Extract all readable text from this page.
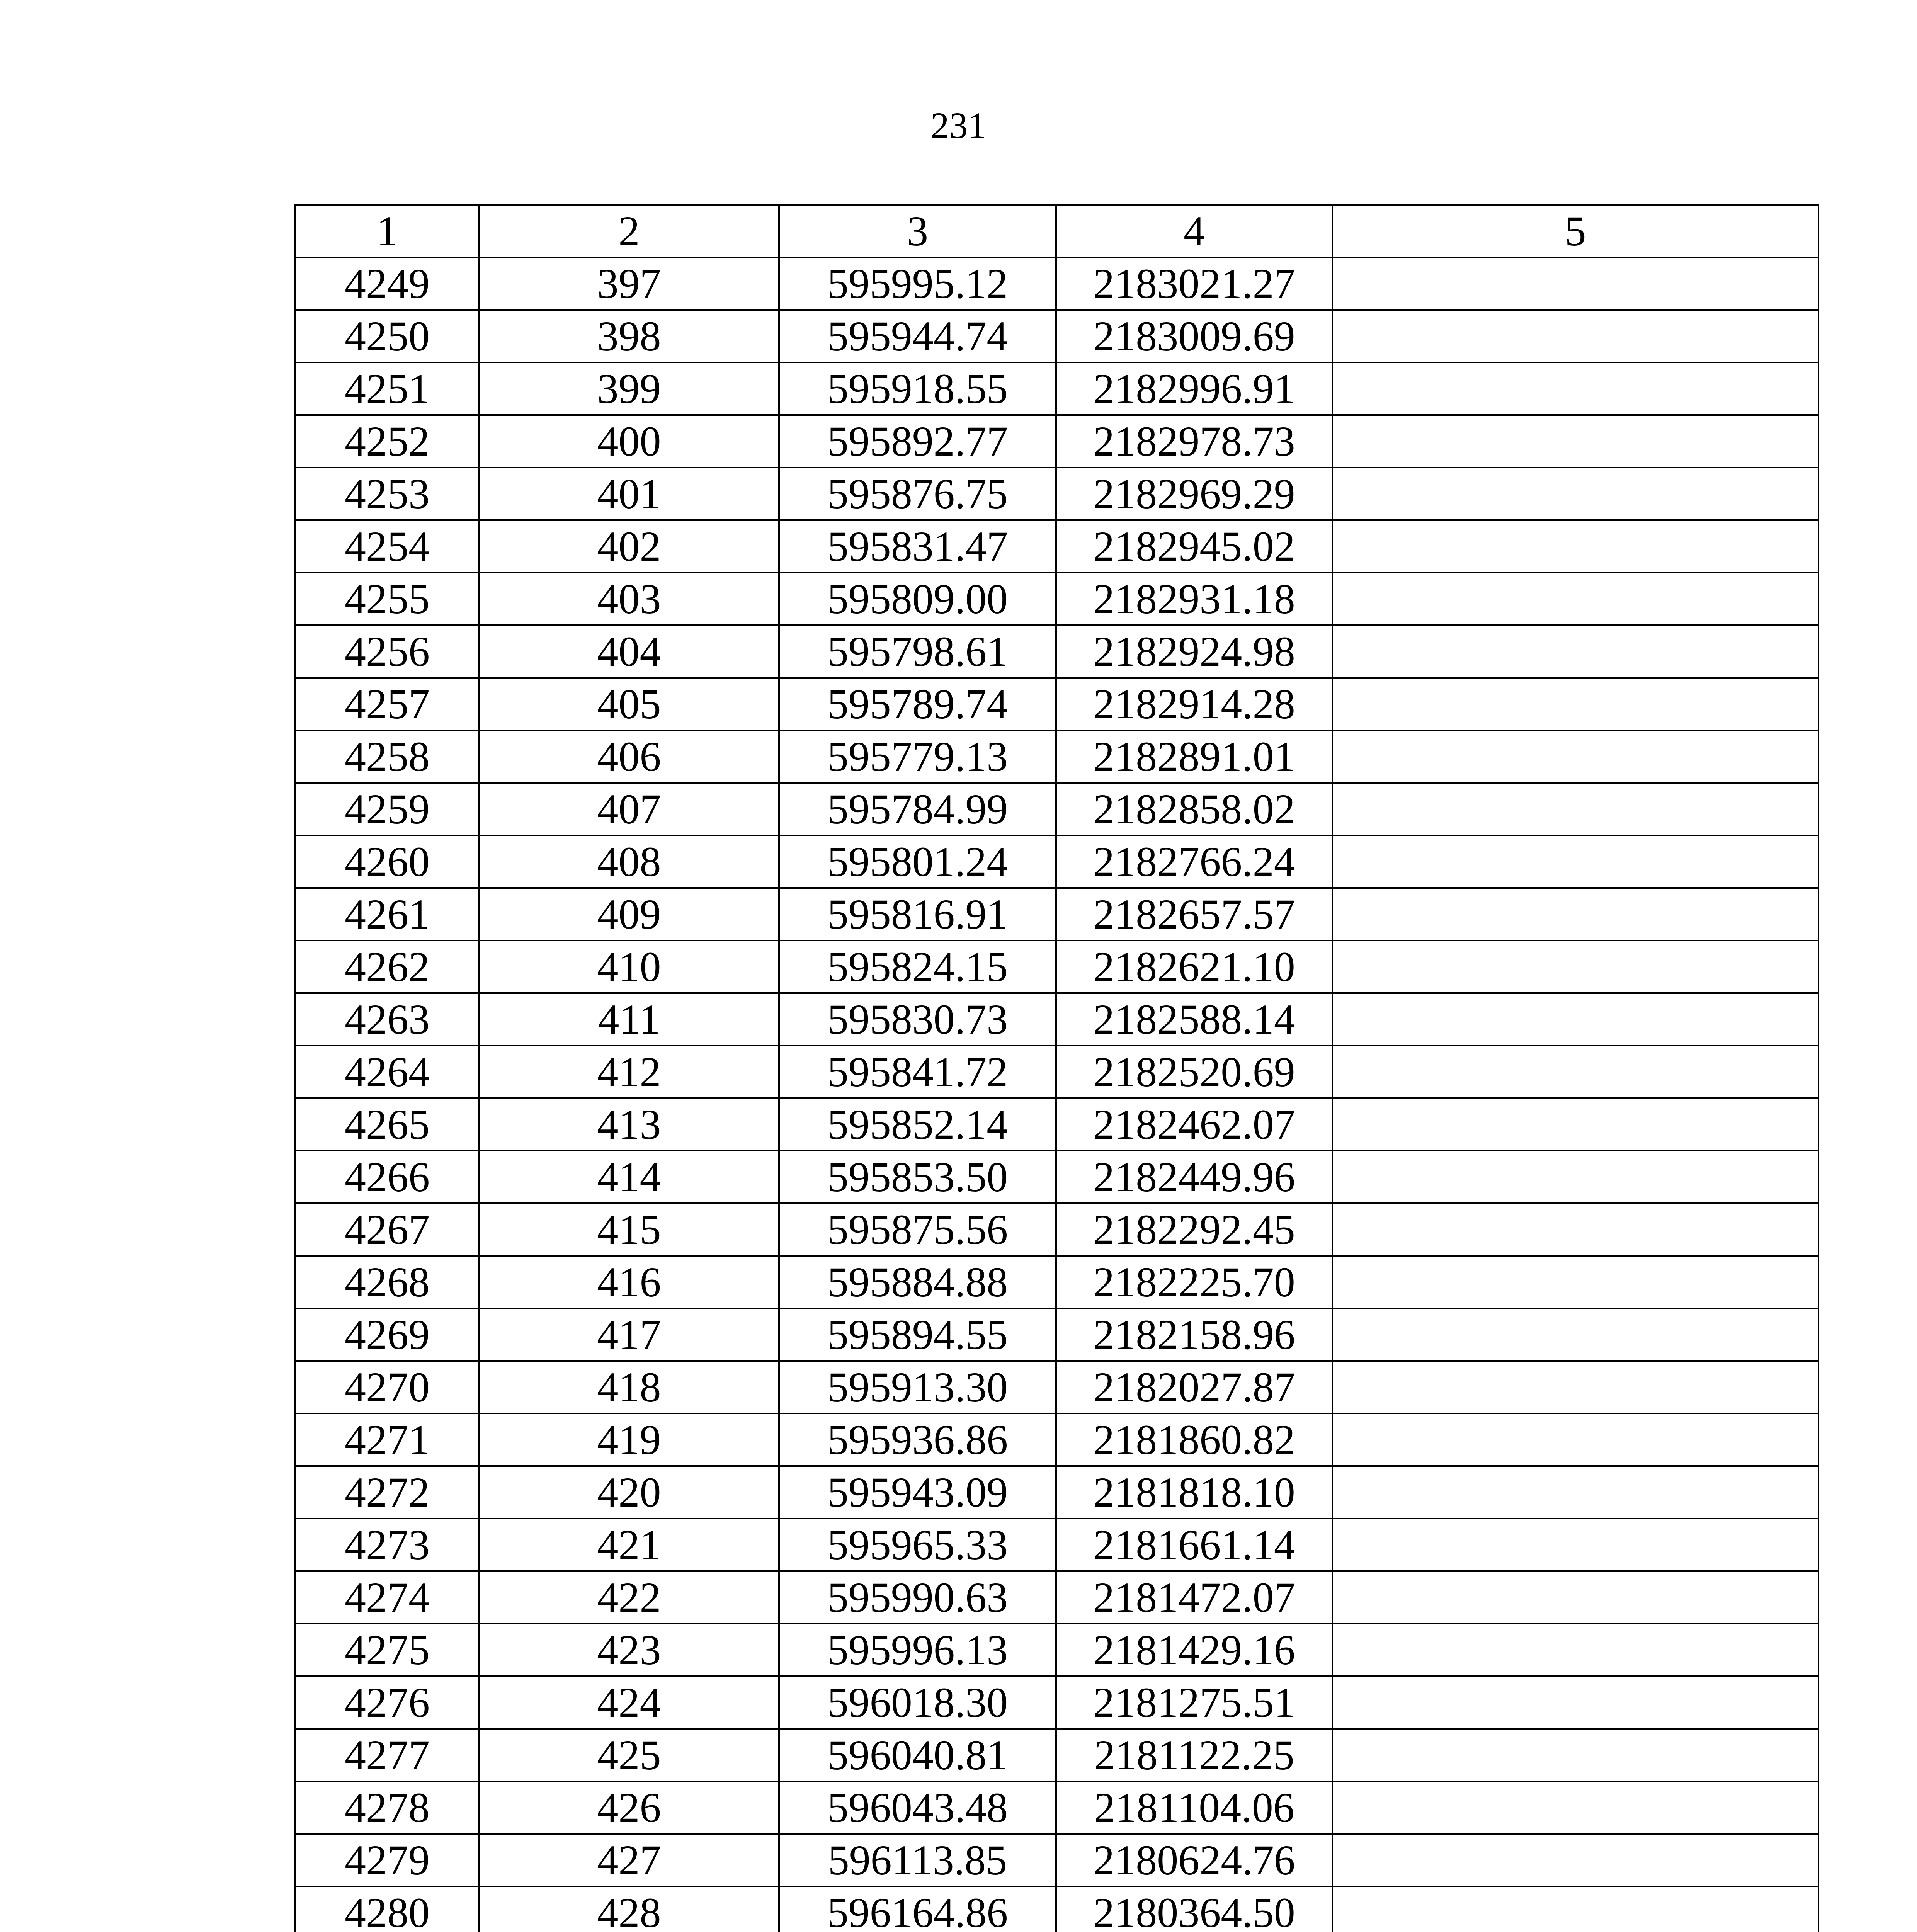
231
1	2	3	4	5
4249	397	595995.12	2183021.27	
4250	398	595944.74	2183009.69	
4251	399	595918.55	2182996.91	
4252	400	595892.77	2182978.73	
4253	401	595876.75	2182969.29	
4254	402	595831.47	2182945.02	
4255	403	595809.00	2182931.18	
4256	404	595798.61	2182924.98	
4257	405	595789.74	2182914.28	
4258	406	595779.13	2182891.01	
4259	407	595784.99	2182858.02	
4260	408	595801.24	2182766.24	
4261	409	595816.91	2182657.57	
4262	410	595824.15	2182621.10	
4263	411	595830.73	2182588.14	
4264	412	595841.72	2182520.69	
4265	413	595852.14	2182462.07	
4266	414	595853.50	2182449.96	
4267	415	595875.56	2182292.45	
4268	416	595884.88	2182225.70	
4269	417	595894.55	2182158.96	
4270	418	595913.30	2182027.87	
4271	419	595936.86	2181860.82	
4272	420	595943.09	2181818.10	
4273	421	595965.33	2181661.14	
4274	422	595990.63	2181472.07	
4275	423	595996.13	2181429.16	
4276	424	596018.30	2181275.51	
4277	425	596040.81	2181122.25	
4278	426	596043.48	2181104.06	
4279	427	596113.85	2180624.76	
4280	428	596164.86	2180364.50	
